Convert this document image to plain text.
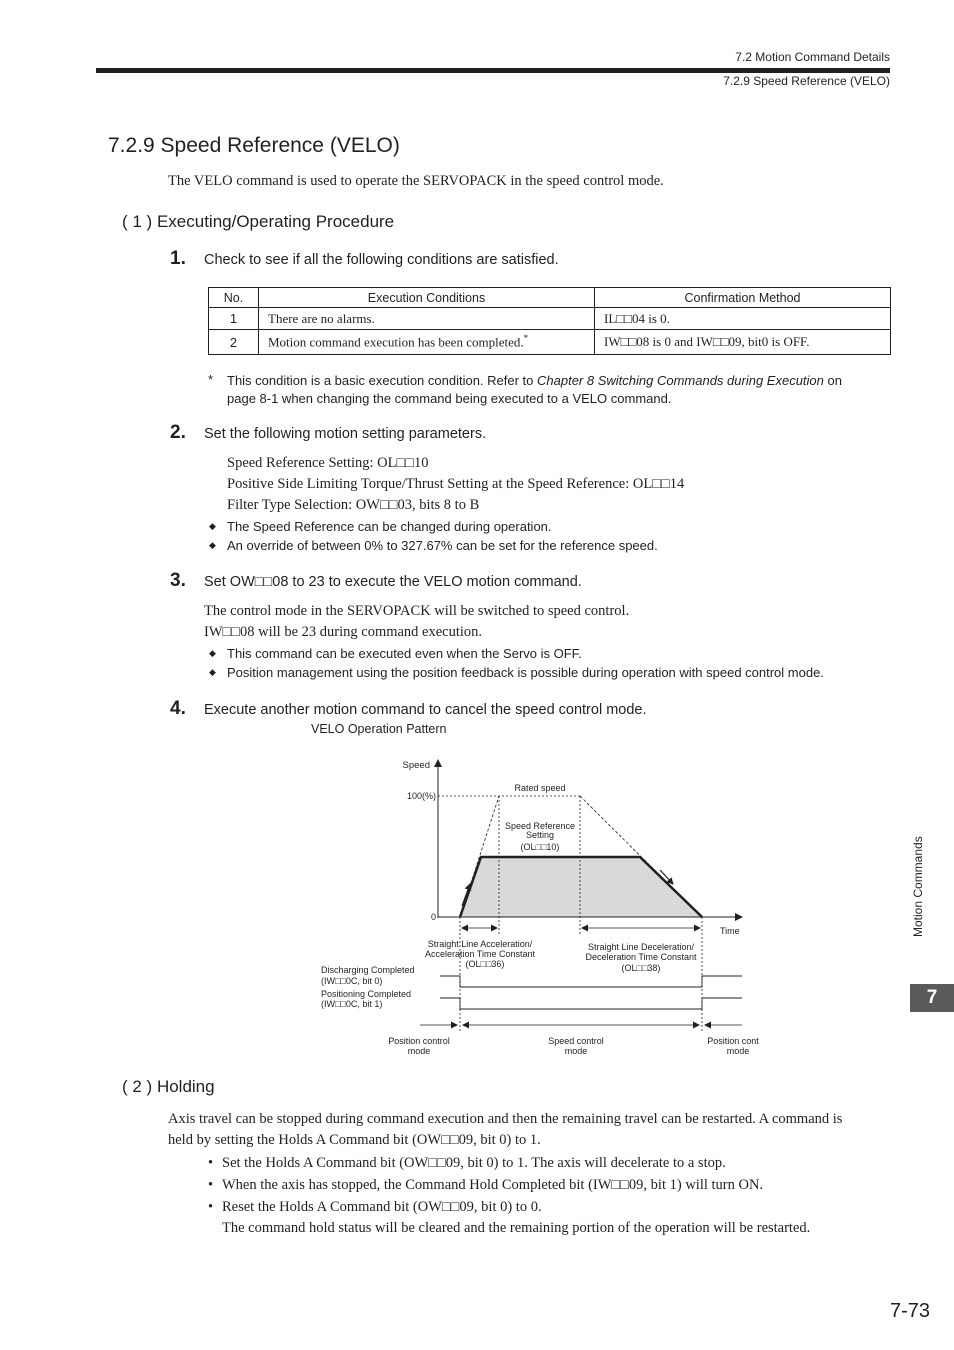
7.2 Motion Command Details
7.2.9 Speed Reference (VELO)
7.2.9 Speed Reference (VELO)
The VELO command is used to operate the SERVOPACK in the speed control mode.
( 1 ) Executing/Operating Procedure
1. Check to see if all the following conditions are satisfied.
No.	Execution Conditions	Confirmation Method
1	There are no alarms.	IL□□04 is 0.
2	Motion command execution has been completed.*	IW□□08 is 0 and IW□□09, bit0 is OFF.
* This condition is a basic execution condition. Refer to Chapter 8 Switching Commands during Execution on
page 8-1 when changing the command being executed to a VELO command.
2. Set the following motion setting parameters.
Speed Reference Setting: OL□□10
Positive Side Limiting Torque/Thrust Setting at the Speed Reference: OL□□14
Filter Type Selection: OW□□03, bits 8 to B
◆ The Speed Reference can be changed during operation.
◆ An override of between 0% to 327.67% can be set for the reference speed.
3. Set OW□□08 to 23 to execute the VELO motion command.
The control mode in the SERVOPACK will be switched to speed control.
IW□□08 will be 23 during command execution.
◆ This command can be executed even when the Servo is OFF.
◆ Position management using the position feedback is possible during operation with speed control mode.
4. Execute another motion command to cancel the speed control mode.
VELO Operation Pattern
Speed
100(%)
0
Time
Rated speed
Speed Reference
Setting
(OL□□10)
Straight Line Acceleration/
Acceleration Time Constant
(OL□□36)
Straight Line Deceleration/
Deceleration Time Constant
(OL□□38)
Discharging Completed
(IW□□0C, bit 0)
Positioning Completed
(IW□□0C, bit 1)
Position control
mode
Speed control
mode
Position cont
mode
( 2 ) Holding
Axis travel can be stopped during command execution and then the remaining travel can be restarted. A command is
held by setting the Holds A Command bit (OW□□09, bit 0) to 1.
• Set the Holds A Command bit (OW□□09, bit 0) to 1. The axis will decelerate to a stop.
• When the axis has stopped, the Command Hold Completed bit (IW□□09, bit 1) will turn ON.
• Reset the Holds A Command bit (OW□□09, bit 0) to 0.
The command hold status will be cleared and the remaining portion of the operation will be restarted.
Motion Commands
7
7-73
